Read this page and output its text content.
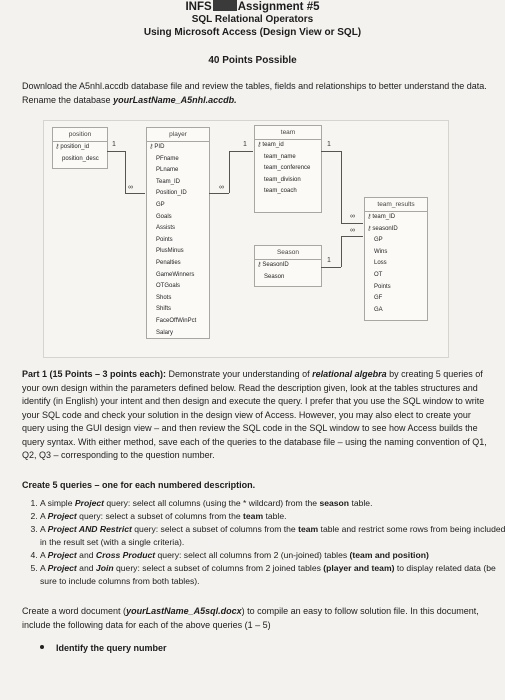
INFS Assignment #5
SQL Relational Operators
Using Microsoft Access (Design View or SQL)
40 Points Possible
Download the A5nhl.accdb database file and review the tables, fields and relationships to better understand the data. Rename the database yourLastName_A5nhl.accdb.
position
⚷position_id
position_desc
player
⚷PID
PFname
PLname
Team_ID
Position_ID
GP
Goals
Assists
Points
PlusMinus
Penalties
GameWinners
OTGoals
Shots
Shifts
FaceOffWinPct
Salary
team
⚷team_id
team_name
team_conference
team_division
team_coach
Season
⚷SeasonID
Season
team_results
⚷team_ID
⚷seasonID
GP
Wins
Loss
OT
Points
GF
GA
1
∞
1
∞
1
∞
1
∞
Part 1 (15 Points – 3 points each): Demonstrate your understanding of relational algebra by creating 5 queries of your own design within the parameters defined below. Read the description given, look at the tables structures and identify (in English) your intent and then design and execute the query. I prefer that you use the SQL window to write your SQL code and check your solution in the design view of Access. However, you may also elect to create your query using the GUI design view – and then review the SQL code in the SQL window to see how Access builds the query syntax. With either method, save each of the queries to the database file – using the naming convention of Q1, Q2, Q3 – corresponding to the question number.
Create 5 queries – one for each numbered description.
1. A simple Project query: select all columns (using the * wildcard) from the season table.
2. A Project query: select a subset of columns from the team table.
3. A Project AND Restrict query: select a subset of columns from the team table and restrict some rows from being included in the result set (with a single criteria).
4. A Project and Cross Product query: select all columns from 2 (un-joined) tables (team and position)
5. A Project and Join query: select a subset of columns from 2 joined tables (player and team) to display related data (be sure to include columns from both tables).
Create a word document (yourLastName_A5sql.docx) to compile an easy to follow solution file. In this document, include the following data for each of the above queries (1 – 5)
Identify the query number
